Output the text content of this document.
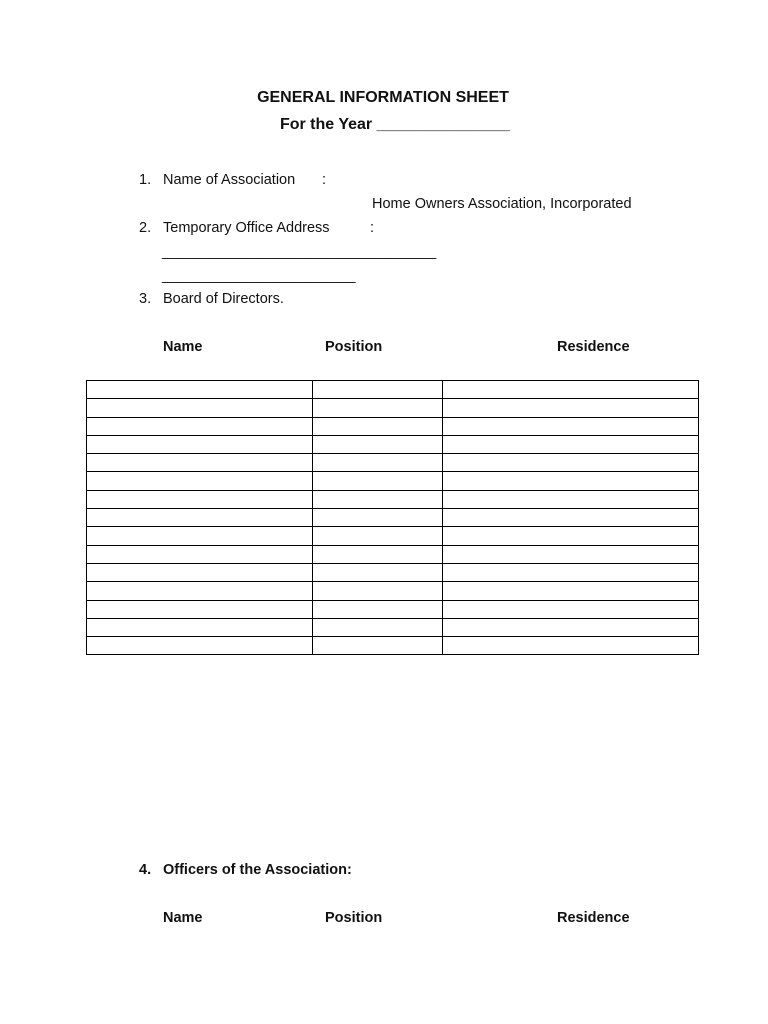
GENERAL INFORMATION SHEET
For the Year _______________
1. Name of Association :
Home Owners Association, Incorporated
2. Temporary Office Address	:
__________________________________
________________________
3. Board of Directors.
Name	Position	Residence

4. Officers of the Association:
Name	Position	Residence
